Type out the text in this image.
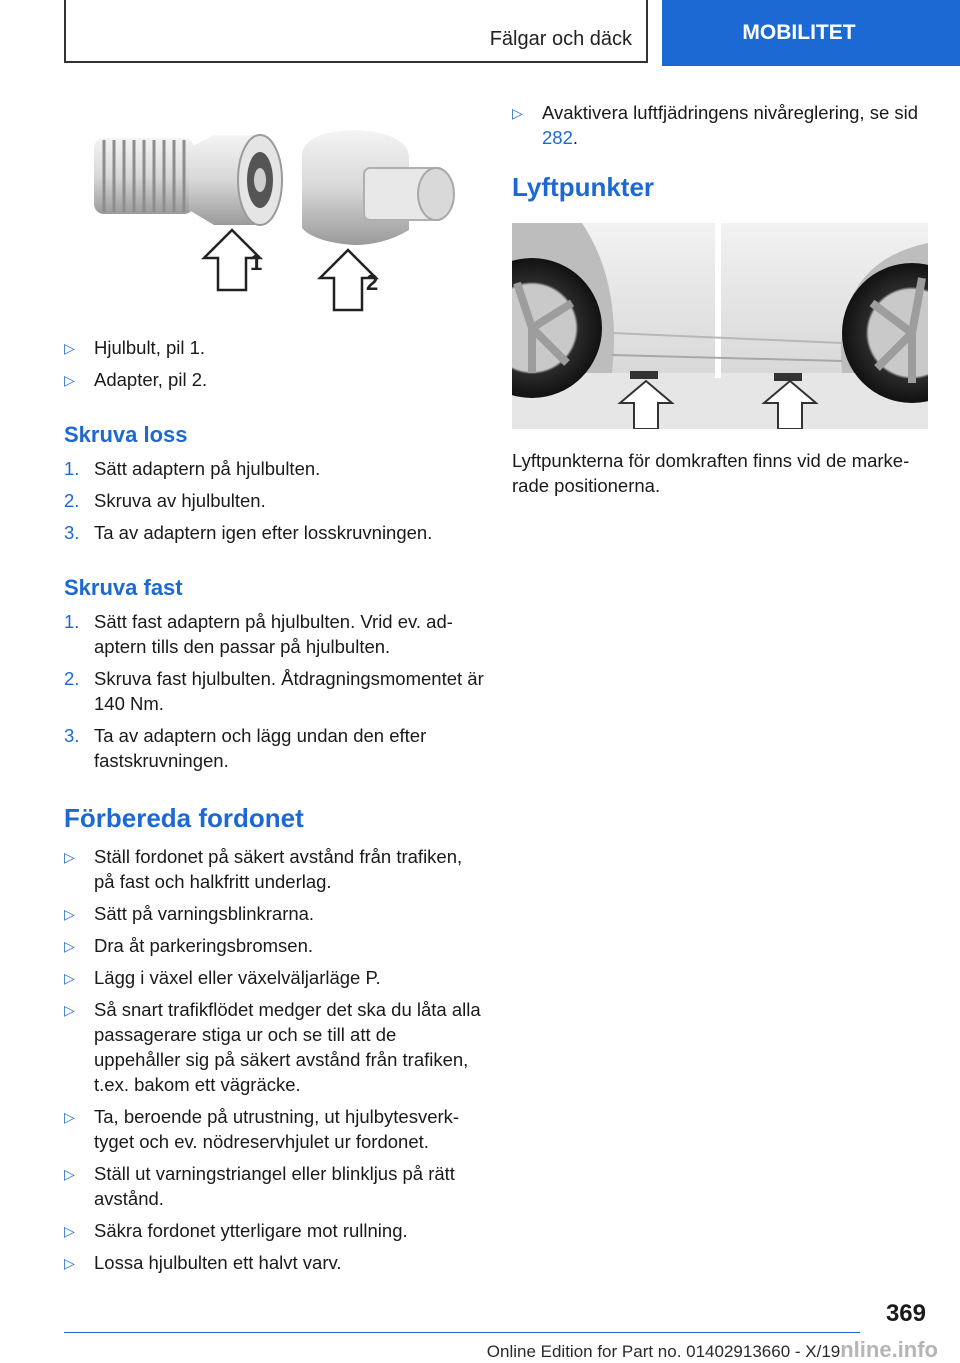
Fälgar och däck	MOBILITET
1
2
▷ Hjulbult, pil 1.
▷ Adapter, pil 2.
Skruva loss
1. Sätt adaptern på hjulbulten.
2. Skruva av hjulbulten.
3. Ta av adaptern igen efter losskruvningen.
Skruva fast
1. Sätt fast adaptern på hjulbulten. Vrid ev. adaptern tills den passar på hjulbulten.
2. Skruva fast hjulbulten. Åtdragningsmomentet är 140 Nm.
3. Ta av adaptern och lägg undan den efter fastskruvningen.
Förbereda fordonet
▷ Ställ fordonet på säkert avstånd från trafiken, på fast och halkfritt underlag.
▷ Sätt på varningsblinkrarna.
▷ Dra åt parkeringsbromsen.
▷ Lägg i växel eller växelväljarläge P.
▷ Så snart trafikflödet medger det ska du låta alla passagerare stiga ur och se till att de uppehåller sig på säkert avstånd från trafiken, t.ex. bakom ett vägräcke.
▷ Ta, beroende på utrustning, ut hjulbytesverktyget och ev. nödreservhjulet ur fordonet.
▷ Ställ ut varningstriangel eller blinkljus på rätt avstånd.
▷ Säkra fordonet ytterligare mot rullning.
▷ Lossa hjulbulten ett halvt varv.
▷ Avaktivera luftfjädringens nivåreglering, se sid 282.
Lyftpunkter

Lyftpunkterna för domkraften finns vid de markerade positionerna.

369
Online Edition for Part no. 01402913660 - X/19nline.info
